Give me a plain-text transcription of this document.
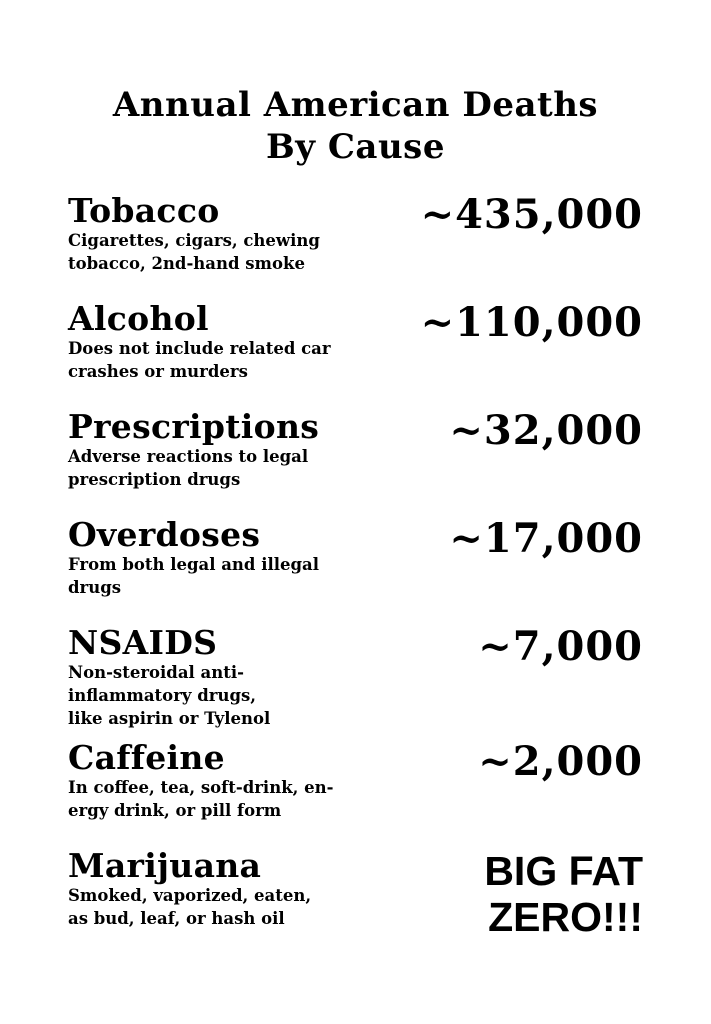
Annual American Deaths
By Cause
Tobacco
Cigarettes, cigars, chewing
tobacco, 2nd-hand smoke
~435,000
Alcohol
Does not include related car
crashes or murders
~110,000
Prescriptions
Adverse reactions to legal
prescription drugs
~32,000
Overdoses
From both legal and illegal
drugs
~17,000
NSAIDS
Non-steroidal anti-
inflammatory drugs,
like aspirin or Tylenol
~7,000
Caffeine
In coffee, tea, soft-drink, en-
ergy drink, or pill form
~2,000
Marijuana
Smoked, vaporized, eaten,
as bud, leaf, or hash oil
BIG FAT
ZERO!!!
